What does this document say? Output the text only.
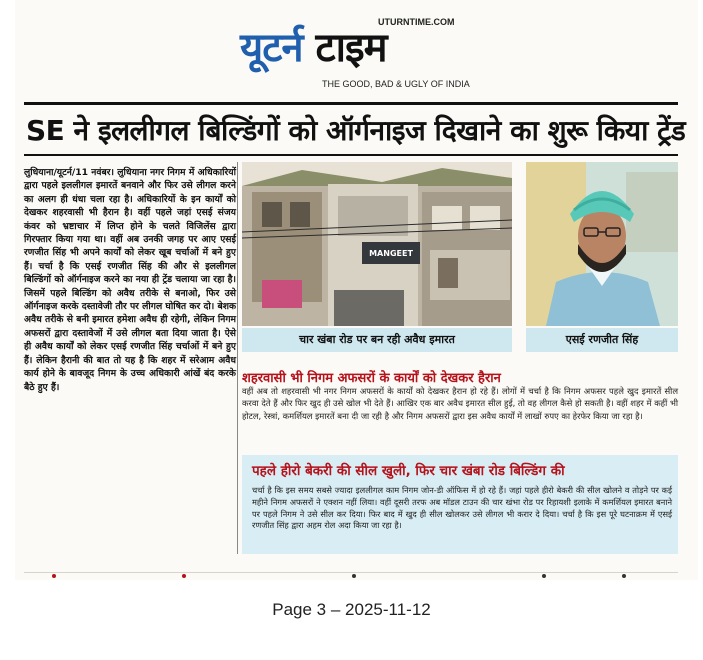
UTURNTIME.COM
यूटर्न टाइम
THE GOOD, BAD & UGLY OF INDIA
SE ने इललीगल बिल्डिंगों को ऑर्गनाइज दिखाने का शुरू किया ट्रेंड
लुधियाना/यूटर्न/11 नवंबर। लुधियाना नगर निगम में अधिकारियों द्वारा पहले इललीगल इमारतें बनवाने और फिर उसे लीगल करने का अलग ही धंधा चला रहा है। अधिकारियों के इन कार्यों को देखकर शहरवासी भी हैरान है। वहीं पहले जहां एसई संजय कंवर को भ्रष्टाचार में लिप्त होने के चलते विजिलेंस द्वारा गिरफ्तार किया गया था। वहीं अब उनकी जगह पर आए एसई रणजीत सिंह भी अपने कार्यों को लेकर खूब चर्चाओं में बने हुए हैं। चर्चा है कि एसई रणजीत सिंह की और से इललीगल बिल्डिंगों को ऑर्गनाइज करने का नया ही ट्रेंड चलाया जा रहा है। जिसमें पहले बिल्डिंग को अवैध तरीके से बनाओ, फिर उसे ऑर्गनाइज करके दस्तावेजी तौर पर लीगल घोषित कर दो। बेशक अवैध तरीके से बनी इमारत हमेशा अवैध ही रहेगी, लेकिन निगम अफसरों द्वारा दस्तावेजों में उसे लीगल बता दिया जाता है। ऐसे ही अवैध कार्यों को लेकर एसई रणजीत सिंह चर्चाओं में बने हुए हैं। लेकिन हैरानी की बात तो यह है कि शहर में सरेआम अवैध कार्य होने के बावजूद निगम के उच्च अधिकारी आंखें बंद करके बैठे हुए हैं।
MANGEET
चार खंबा रोड पर बन रही अवैध इमारत	एसई रणजीत सिंह
शहरवासी भी निगम अफसरों के कार्यों को देखकर हैरान
वहीं अब तो शहरवासी भी नगर निगम अफसरों के कार्यों को देखकर हैरान हो रहे हैं। लोगों में चर्चा है कि निगम अफसर पहले खुद इमारतें सील करवा देते हैं और फिर खुद ही उसे खोल भी देते हैं। आखिर एक बार अवैध इमारत सील हुई, तो वह लीगल कैसे हो सकती है। वहीं शहर में कहीं भी होटल, रेस्त्रां, कमर्शियल इमारतें बना दी जा रही है और निगम अफसरों द्वारा इस अवैध कार्यों में लाखों रुपए का हेरफेर किया जा रहा है।
पहले हीरो बेकरी की सील खुली, फिर चार खंबा रोड बिल्डिंग की
चर्चा है कि इस समय सबसे ज्यादा इललीगल काम निगम जोन-डी ऑफिस में हो रहे हैं। जहां पहले हीरो बेकरी की सील खोलने व तोड़ने पर कई महीने निगम अफसरों ने एक्शन नहीं लिया। वहीं दूसरी तरफ अब मॉडल टाउन की चार खंभा रोड पर रिहायशी इलाके में कमर्शियल इमारत बनाने पर पहले निगम ने उसे सील कर दिया। फिर बाद में खुद ही सील खोलकर उसे लीगल भी करार दे दिया। चर्चा है कि इस पूरे घटनाक्रम में एसई रणजीत सिंह द्वारा अहम रोल अदा किया जा रहा है।
Page 3 – 2025-11-12
